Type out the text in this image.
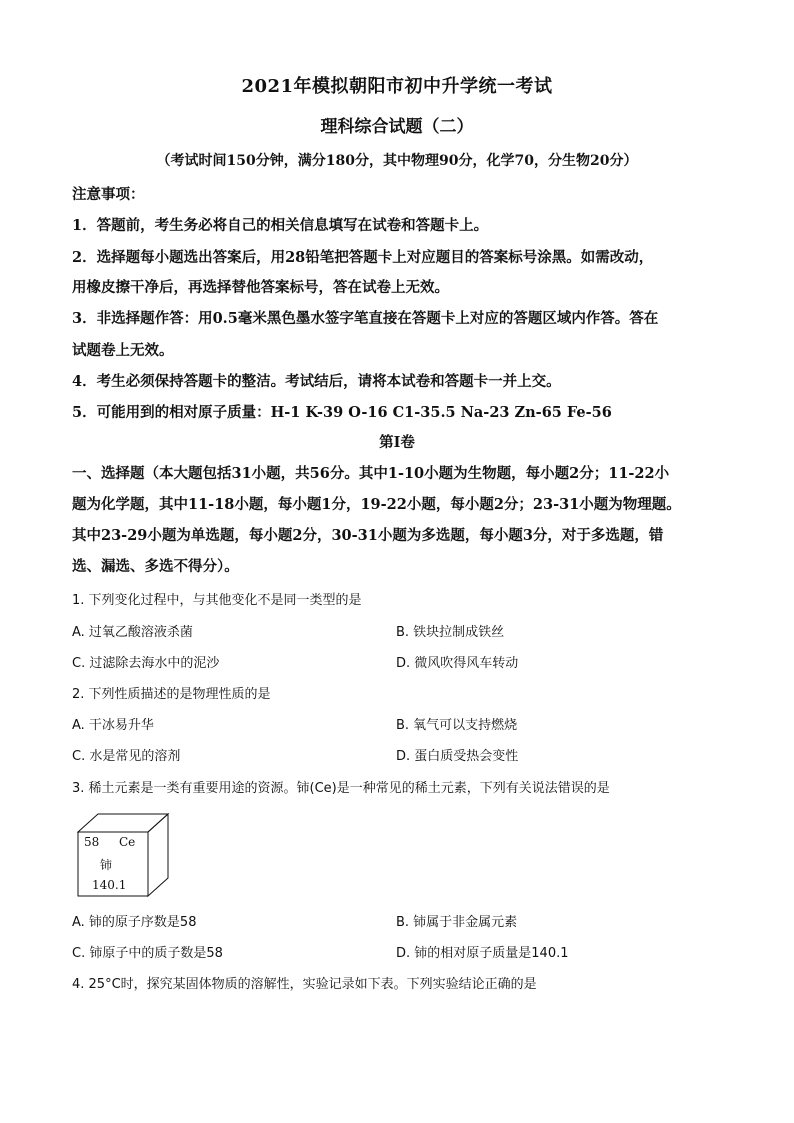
2021年模拟朝阳市初中升学统一考试
理科综合试题（二）
（考试时间150分钟，满分180分，其中物理90分，化学70，分生物20分）
注意事项：
1．答题前，考生务必将自己的相关信息填写在试卷和答题卡上。
2．选择题每小题选出答案后，用28铅笔把答题卡上对应题目的答案标号涂黑。如需改动，
用橡皮擦干净后，再选择替他答案标号，答在试卷上无效。
3．非选择题作答：用0.5毫米黑色墨水签字笔直接在答题卡上对应的答题区域内作答。答在
试题卷上无效。
4．考生必须保持答题卡的整洁。考试结后，请将本试卷和答题卡一并上交。
5．可能用到的相对原子质量：H-1 K-39 O-16 C1-35.5 Na-23 Zn-65 Fe-56
第Ⅰ卷
一、选择题（本大题包括31小题，共56分。其中1-10小题为生物题，每小题2分；11-22小
题为化学题，其中11-18小题，每小题1分，19-22小题，每小题2分；23-31小题为物理题。
其中23-29小题为单选题，每小题2分，30-31小题为多选题，每小题3分，对于多选题，错
选、漏选、多选不得分）。
1. 下列变化过程中，与其他变化不是同一类型的是
A. 过氧乙酸溶液杀菌	B. 铁块拉制成铁丝
C. 过滤除去海水中的泥沙	D. 微风吹得风车转动
2. 下列性质描述的是物理性质的是
A. 干冰易升华	B. 氧气可以支持燃烧
C. 水是常见的溶剂	D. 蛋白质受热会变性
3. 稀土元素是一类有重要用途的资源。铈(Ce)是一种常见的稀土元素，下列有关说法错误的是
58 Ce
铈
140.1
A. 铈的原子序数是58	B. 铈属于非金属元素
C. 铈原子中的质子数是58	D. 铈的相对原子质量是140.1
4. 25°C时，探究某固体物质的溶解性，实验记录如下表。下列实验结论正确的是
